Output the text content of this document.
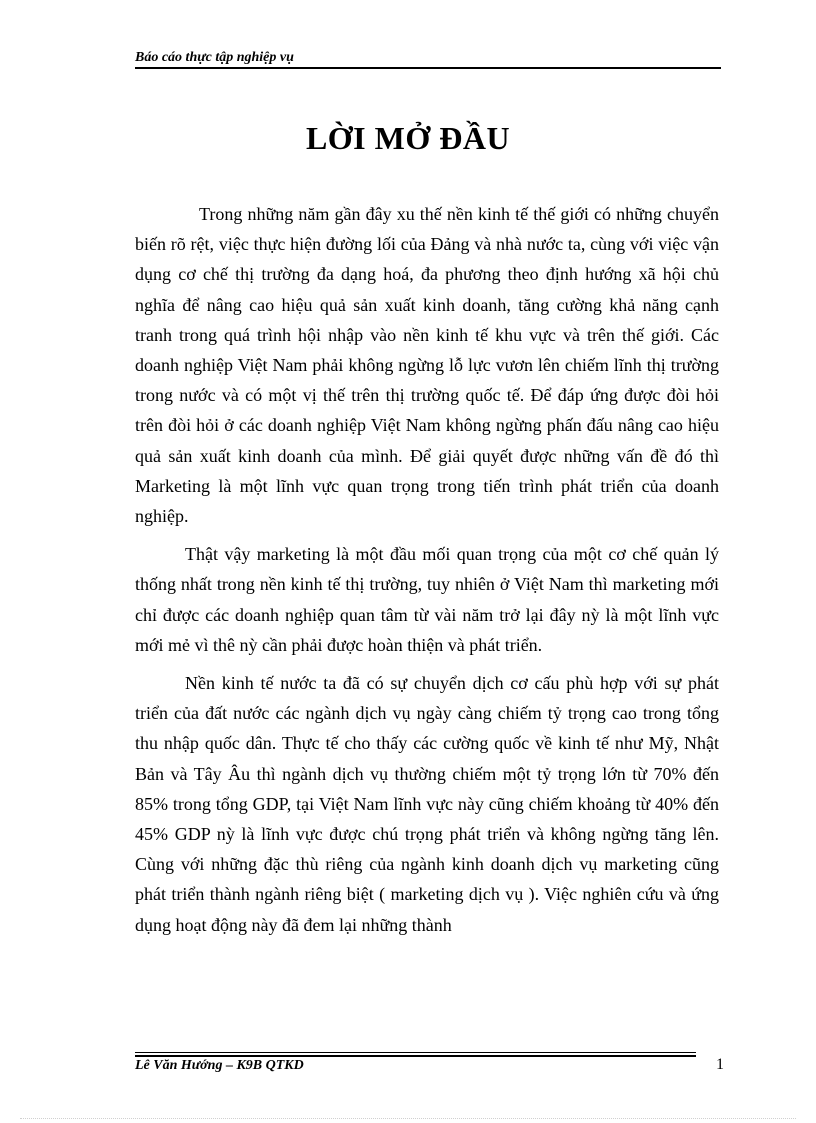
Báo cáo thực tập nghiệp vụ
LỜI MỞ ĐẦU

Trong những năm gần đây xu thế nền kinh tế thế giới có những chuyển biến rõ rệt, việc thực hiện đường lối của Đảng và nhà nước ta, cùng với việc vận dụng cơ chế thị trường đa dạng hoá, đa phương theo định hướng xã hội chủ nghĩa để nâng cao hiệu quả sản xuất kinh doanh, tăng cường khả năng cạnh tranh trong quá trình hội nhập vào nền kinh tế khu vực và trên thế giới. Các doanh nghiệp Việt Nam phải không ngừng lỗ lực vươn lên chiếm lĩnh thị trường trong nước và có một vị thế trên thị trường quốc tế. Để đáp ứng được đòi hỏi trên đòi hỏi ở các doanh nghiệp Việt Nam không ngừng phấn đấu nâng cao hiệu quả sản xuất kinh doanh của mình. Để giải quyết được những vấn đề đó thì Marketing là một lĩnh vực quan trọng trong tiến trình phát triển của doanh nghiệp.

Thật vậy marketing là một đầu mối quan trọng của một cơ chế quản lý thống nhất trong nền kinh tế thị trường, tuy nhiên ở Việt Nam thì marketing mới chỉ được các doanh nghiệp quan tâm từ vài năm trở lại đây nỳ là một lĩnh vực mới mẻ vì thê nỳ cần phải được hoàn thiện và phát triển.

Nền kinh tế nước ta đã có sự chuyển dịch cơ cấu phù hợp với sự phát triển của đất nước các ngành dịch vụ ngày càng chiếm tỷ trọng cao trong tổng thu nhập quốc dân. Thực tế cho thấy các cường quốc về kinh tế như Mỹ, Nhật Bản và Tây Âu thì ngành dịch vụ thường chiếm một tỷ trọng lớn từ 70% đến 85% trong tổng GDP, tại Việt Nam lĩnh vực này cũng chiếm khoảng từ 40% đến 45% GDP nỳ là lĩnh vực được chú trọng phát triển và không ngừng tăng lên. Cùng với những đặc thù riêng của ngành kinh doanh dịch vụ marketing cũng phát triển thành ngành riêng biệt ( marketing dịch vụ ). Việc nghiên cứu và ứng dụng hoạt động này đã đem lại những thành

Lê Văn Hướng – K9B QTKD	1
